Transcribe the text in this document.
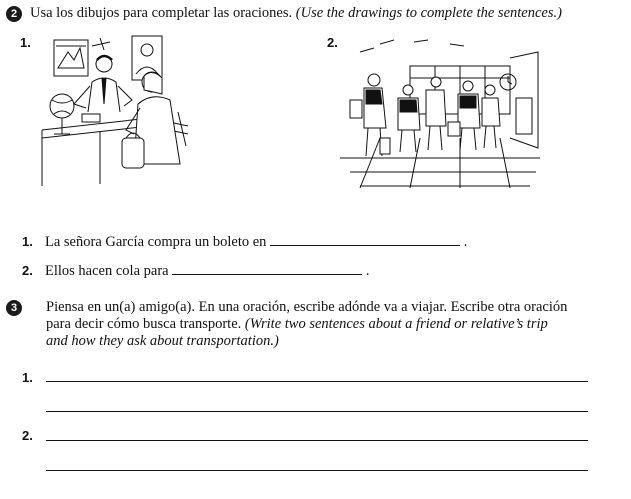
2 Usa los dibujos para completar las oraciones. (Use the drawings to complete the sentences.)
1.	2.
1. La señora García compra un boleto en	.
2. Ellos hacen cola para	.
3	Piensa en un(a) amigo(a). En una oración, escribe adónde va a viajar. Escribe otra oración
para decir cómo busca transporte. (Write two sentences about a friend or relative’s trip
and how they ask about transportation.)
1.
2.
